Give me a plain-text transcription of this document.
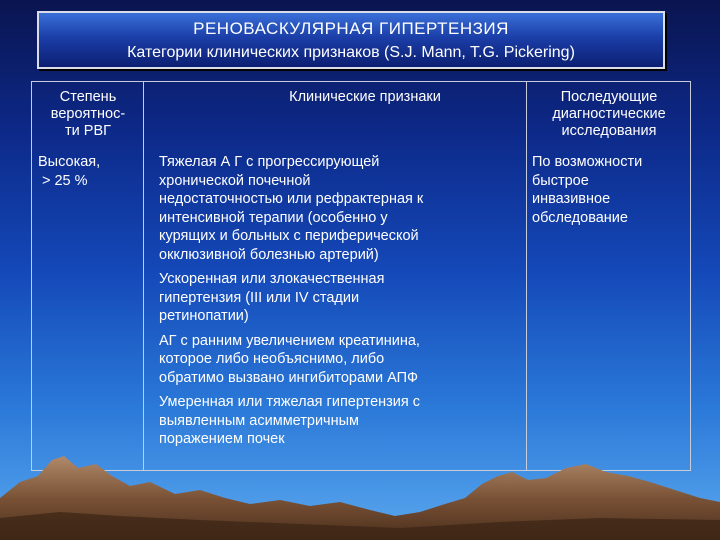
РЕНОВАСКУЛЯРНАЯ ГИПЕРТЕНЗИЯ
Категории клинических признаков (S.J. Mann, T.G. Pickering)
Степень
вероятнос-
ти РВГ
Клинические признаки	Последующие
диагностические
исследования
Высокая,
> 25 %
Тяжелая А Г с прогрессирующей
хронической почечной
недостаточностью или рефрактерная к
интенсивной терапии (особенно у
курящих и больных с периферической
окклюзивной болезнью артерий)
Ускоренная или злокачественная
гипертензия (III или IV стадии
ретинопатии)
АГ с ранним увеличением креатинина,
которое либо необъяснимо, либо
обратимо вызвано ингибиторами АПФ
Умеренная или тяжелая гипертензия с
выявленным асимметричным
поражением почек
По возможности
быстрое
инвазивное
обследование
